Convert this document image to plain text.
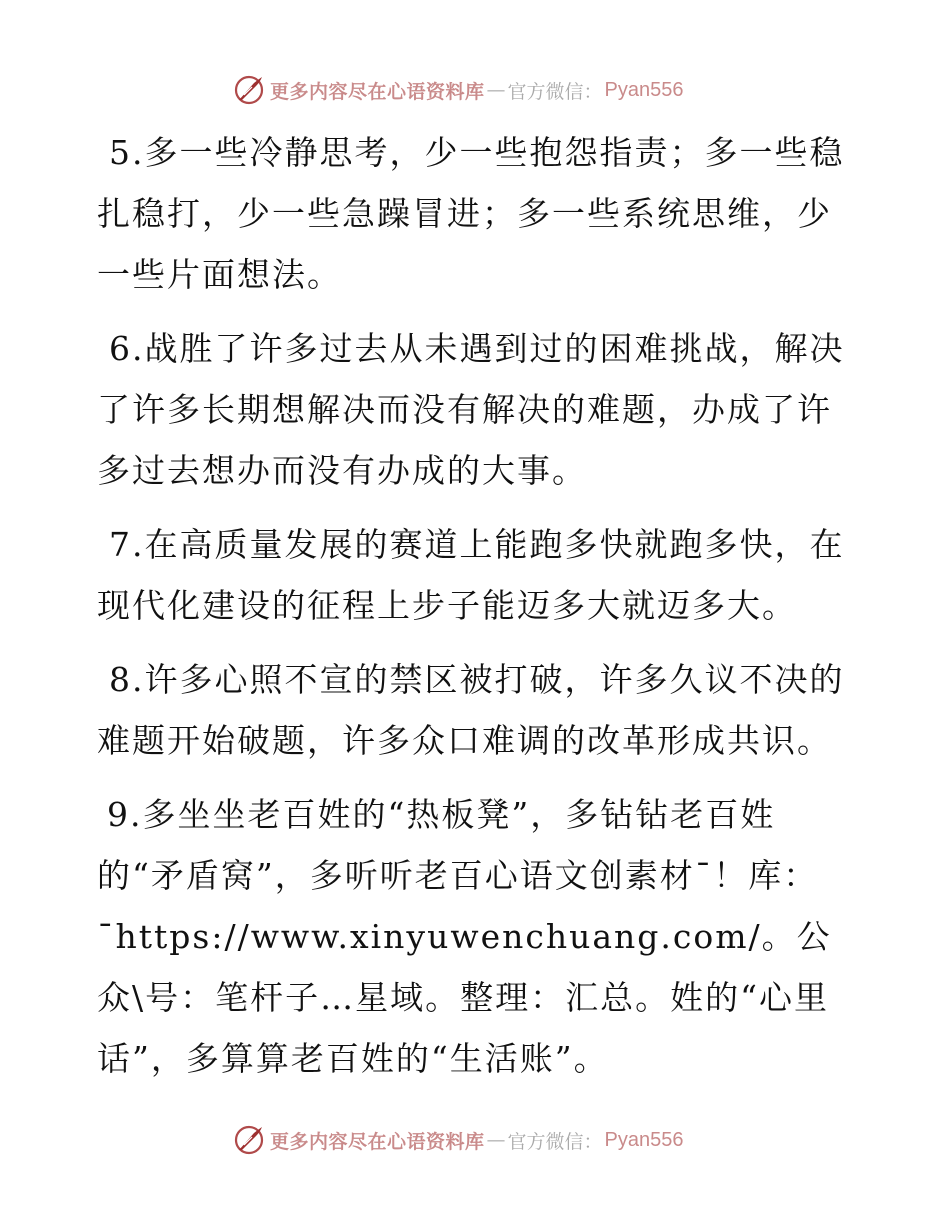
更多内容尽在心语资料库 — 官方微信： Pyan556

5.多一些冷静思考，少一些抱怨指责；多一些稳扎稳打，少一些急躁冒进；多一些系统思维，少一些片面想法。

6.战胜了许多过去从未遇到过的困难挑战，解决了许多长期想解决而没有解决的难题，办成了许多过去想办而没有办成的大事。

7.在高质量发展的赛道上能跑多快就跑多快，在现代化建设的征程上步子能迈多大就迈多大。

8.许多心照不宣的禁区被打破，许多久议不决的难题开始破题，许多众口难调的改革形成共识。

9.多坐坐老百姓的“热板凳”，多钻钻老百姓的“矛盾窝”，多听听老百心语文创素材¯！库：¯https://www.xinyuwenchuang.com/。公众\号：笔杆子…星域。整理：汇总。姓的“心里话”，多算算老百姓的“生活账”。

更多内容尽在心语资料库 — 官方微信： Pyan556
